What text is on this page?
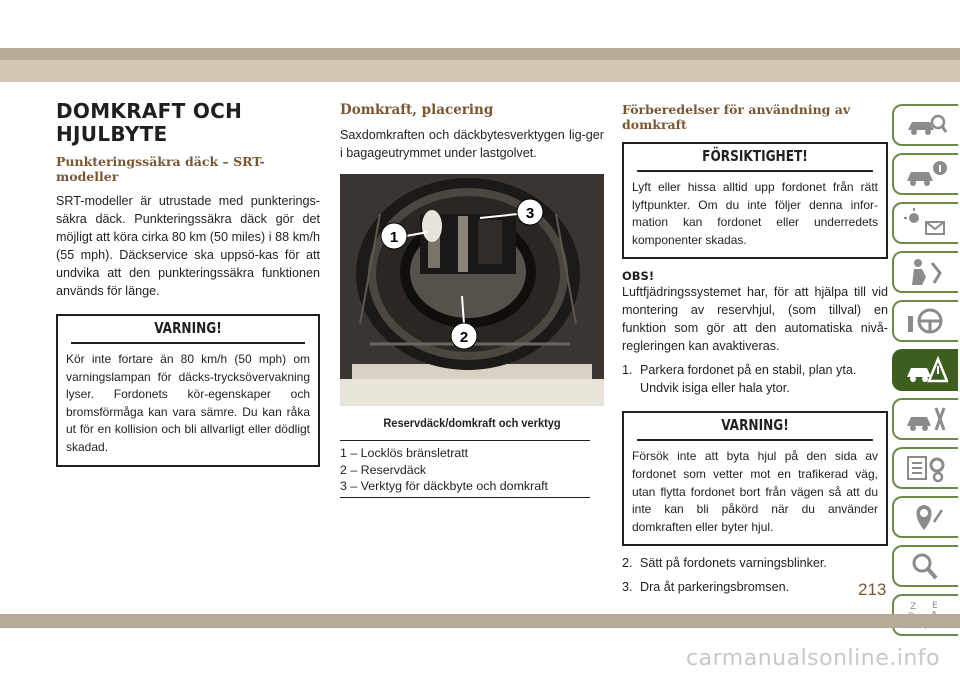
DOMKRAFT OCH
HJULBYTE
Punkteringssäkra däck – SRT-modeller

SRT-modeller är utrustade med punkterings-säkra däck. Punkteringssäkra däck gör det möjligt att köra cirka 80 km (50 miles) i 88 km/h (55 mph). Däckservice ska uppsö-kas för att undvika att den punkteringssäkra funktionen används för länge.

VARNING!
Kör inte fortare än 80 km/h (50 mph) om varningslampan för däcks-trycksövervakning lyser. Fordonets kör-egenskaper och bromsförmåga kan vara sämre. Du kan råka ut för en kollision och bli allvarligt eller dödligt skadad.
Domkraft, placering

Saxdomkraften och däckbytesverktygen lig-ger i bagageutrymmet under lastgolvet.

1
3
2
Reservdäck/domkraft och verktyg
1 – Locklös bränsletratt
2 – Reservdäck
3 – Verktyg för däckbyte och domkraft
Förberedelser för användning av domkraft
FÖRSIKTIGHET!
Lyft eller hissa alltid upp fordonet från rätt lyftpunkter. Om du inte följer denna infor-mation kan fordonet eller underredets komponenter skadas.
OBS!

Luftfjädringssystemet har, för att hjälpa till vid montering av reservhjul, (som tillval) en funktion som gör att den automatiska nivå-regleringen kan avaktiveras.

1. Parkera fordonet på en stabil, plan yta.
Undvik isiga eller hala ytor.
VARNING!
Försök inte att byta hjul på den sida av fordonet som vetter mot en trafikerad väg, utan flytta fordonet bort från vägen så att du inte kan bli påkörd när du använder domkraften eller byter hjul.
2. Sätt på fordonets varningsblinker.
3. Dra åt parkeringsbromsen.
Z E
213
carmanualsonline.info
